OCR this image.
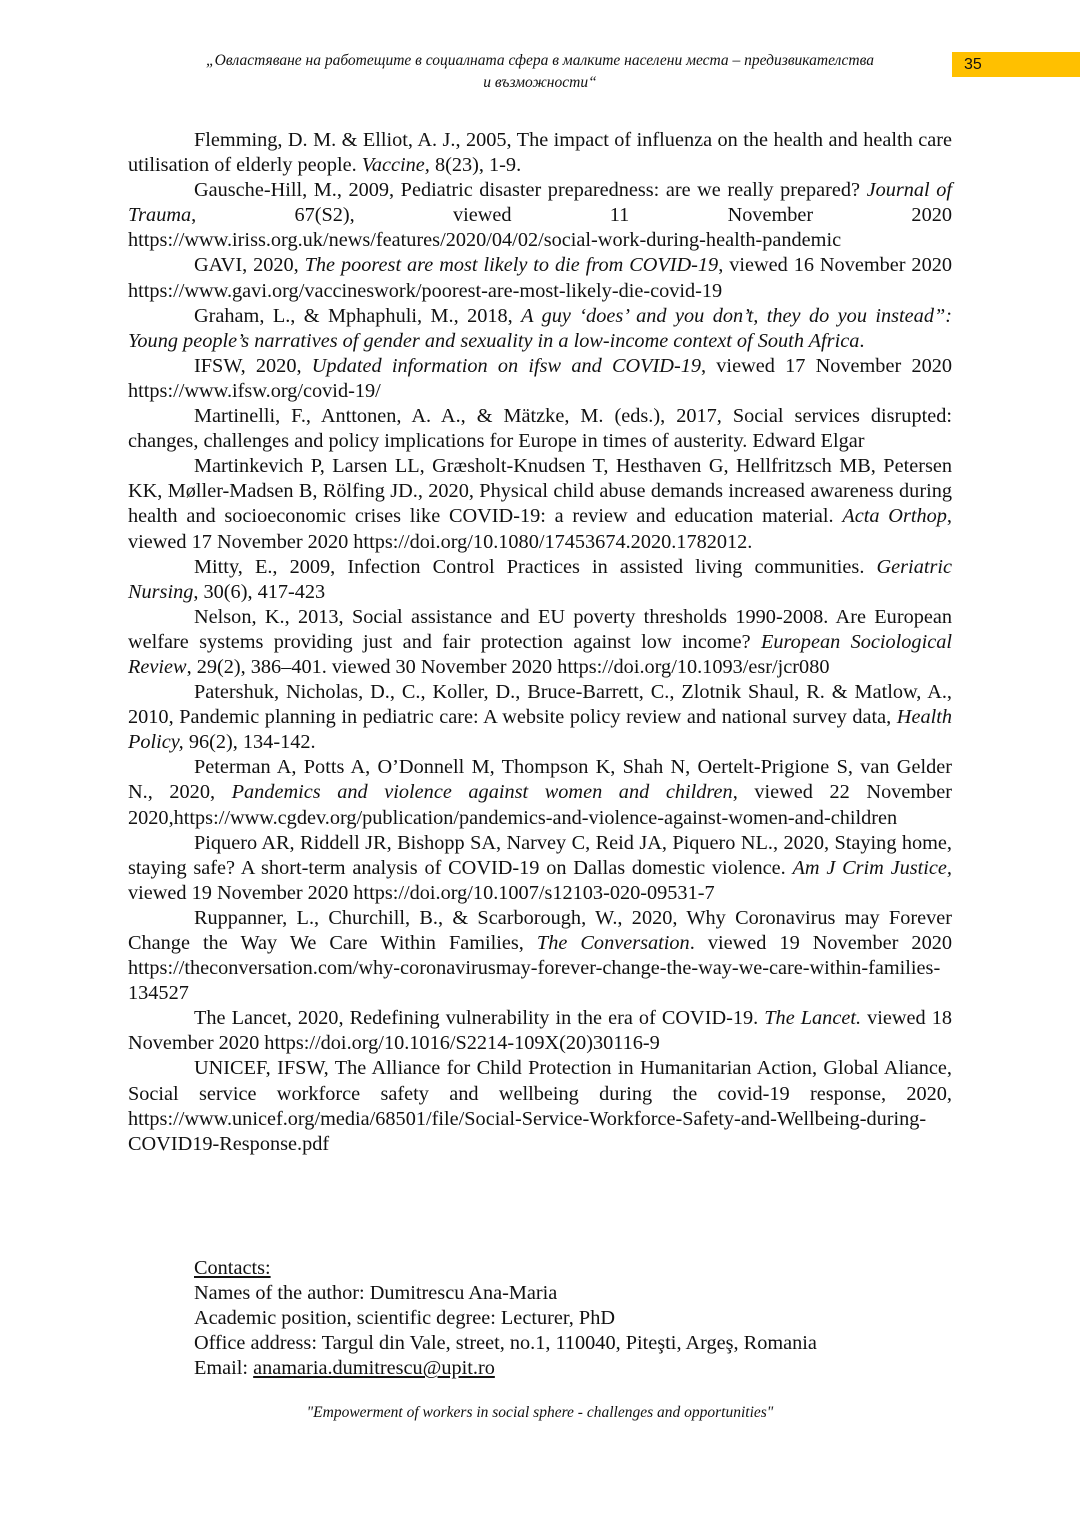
„Овластяване на работещите в социалната сфера в малките населени места – предизвикателства
и възможности“
35

Flemming, D. M. & Elliot, A. J., 2005, The impact of influenza on the health and health care utilisation of elderly people. Vaccine, 8(23), 1-9.

Gausche-Hill, M., 2009, Pediatric disaster preparedness: are we really prepared? Journal of Trauma, 67(S2), viewed 11 November 2020 https://www.iriss.org.uk/news/features/2020/04/02/social-work-during-health-pandemic

GAVI, 2020, The poorest are most likely to die from COVID-19, viewed 16 November 2020 https://www.gavi.org/vaccineswork/poorest-are-most-likely-die-covid-19

Graham, L., & Mphaphuli, M., 2018, A guy ‘does’ and you don’t, they do you instead”: Young people’s narratives of gender and sexuality in a low-income context of South Africa.

IFSW, 2020, Updated information on ifsw and COVID-19, viewed 17 November 2020 https://www.ifsw.org/covid-19/

Martinelli, F., Anttonen, A. A., & Mätzke, M. (eds.), 2017, Social services disrupted: changes, challenges and policy implications for Europe in times of austerity. Edward Elgar

Martinkevich P, Larsen LL, Græsholt-Knudsen T, Hesthaven G, Hellfritzsch MB, Petersen KK, Møller-Madsen B, Rölfing JD., 2020, Physical child abuse demands increased awareness during health and socioeconomic crises like COVID-19: a review and education material. Acta Orthop, viewed 17 November 2020 https://doi.org/10.1080/17453674.2020.1782012.

Mitty, E., 2009, Infection Control Practices in assisted living communities. Geriatric Nursing, 30(6), 417-423

Nelson, K., 2013, Social assistance and EU poverty thresholds 1990-2008. Are European welfare systems providing just and fair protection against low income? European Sociological Review, 29(2), 386–401. viewed 30 November 2020 https://doi.org/10.1093/esr/jcr080

Patershuk, Nicholas, D., C., Koller, D., Bruce-Barrett, C., Zlotnik Shaul, R. & Matlow, A., 2010, Pandemic planning in pediatric care: A website policy review and national survey data, Health Policy, 96(2), 134-142.

Peterman A, Potts A, O’Donnell M, Thompson K, Shah N, Oertelt-Prigione S, van Gelder N., 2020, Pandemics and violence against women and children, viewed 22 November 2020,https://www.cgdev.org/publication/pandemics-and-violence-against-women-and-children

Piquero AR, Riddell JR, Bishopp SA, Narvey C, Reid JA, Piquero NL., 2020, Staying home, staying safe? A short-term analysis of COVID-19 on Dallas domestic violence. Am J Crim Justice, viewed 19 November 2020 https://doi.org/10.1007/s12103-020-09531-7

Ruppanner, L., Churchill, B., & Scarborough, W., 2020, Why Coronavirus may Forever Change the Way We Care Within Families, The Conversation. viewed 19 November 2020 https://theconversation.com/why-coronavirusmay-forever-change-the-way-we-care-within-families-134527

The Lancet, 2020, Redefining vulnerability in the era of COVID-19. The Lancet. viewed 18 November 2020 https://doi.org/10.1016/S2214-109X(20)30116-9

UNICEF, IFSW, The Alliance for Child Protection in Humanitarian Action, Global Aliance, Social service workforce safety and wellbeing during the covid-19 response, 2020, https://www.unicef.org/media/68501/file/Social-Service-Workforce-Safety-and-Wellbeing-during-COVID19-Response.pdf

Contacts:
Names of the author: Dumitrescu Ana-Maria
Academic position, scientific degree: Lecturer, PhD
Office address: Targul din Vale, street, no.1, 110040, Piteşti, Argeş, Romania
Email: anamaria.dumitrescu@upit.ro
"Empowerment of workers in social sphere - challenges and opportunities"
